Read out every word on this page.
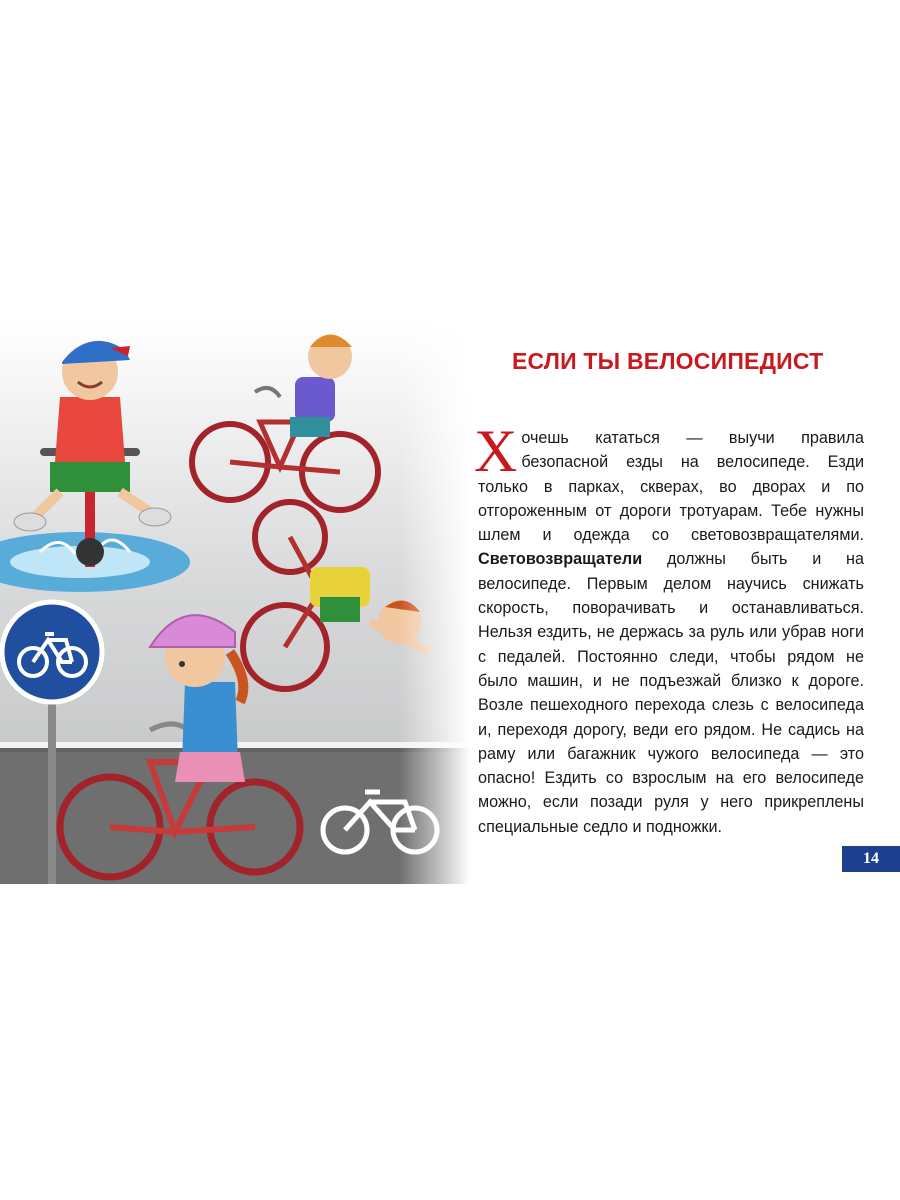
ЕСЛИ ТЫ ВЕЛОСИПЕДИСТ
Хочешь кататься — выучи правила безопасной езды на велосипеде. Езди только в парках, скверах, во дворах и по отгороженным от дороги тротуарам. Тебе нужны шлем и одежда со световозвращателями. Световозвращатели должны быть и на велосипеде. Первым делом научись снижать скорость, поворачивать и останавливаться. Нельзя ездить, не держась за руль или убрав ноги с педалей. Постоянно следи, чтобы рядом не было машин, и не подъезжай близко к дороге. Возле пешеходного перехода слезь с велосипеда и, переходя дорогу, веди его рядом. Не садись на раму или багажник чужого велосипеда — это опасно! Ездить со взрослым на его велосипеде можно, если позади руля у него прикреплены специальные седло и подножки.
14
